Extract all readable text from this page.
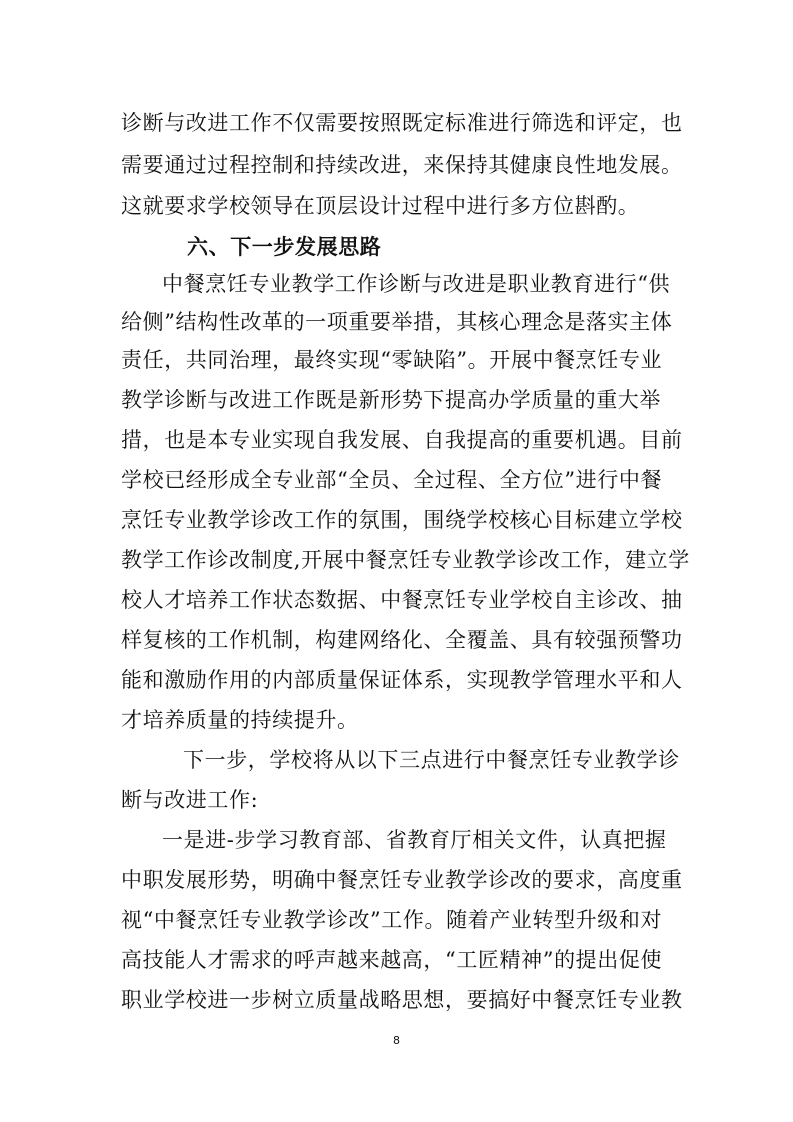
诊断与改进工作不仅需要按照既定标准进行筛选和评定，也
需要通过过程控制和持续改进，来保持其健康良性地发展。
这就要求学校领导在顶层设计过程中进行多方位斟酌。
六、下一步发展思路
中餐烹饪专业教学工作诊断与改进是职业教育进行“供
给侧”结构性改革的一项重要举措，其核心理念是落实主体
责任，共同治理，最终实现“零缺陷”。开展中餐烹饪专业
教学诊断与改进工作既是新形势下提高办学质量的重大举
措，也是本专业实现自我发展、自我提高的重要机遇。目前
学校已经形成全专业部“全员、全过程、全方位”进行中餐
烹饪专业教学诊改工作的氛围，围绕学校核心目标建立学校
教学工作诊改制度,开展中餐烹饪专业教学诊改工作，建立学
校人才培养工作状态数据、中餐烹饪专业学校自主诊改、抽
样复核的工作机制，构建网络化、全覆盖、具有较强预警功
能和激励作用的内部质量保证体系，实现教学管理水平和人
才培养质量的持续提升。
下一步，学校将从以下三点进行中餐烹饪专业教学诊
断与改进工作:
一是进-步学习教育部、省教育厅相关文件，认真把握
中职发展形势，明确中餐烹饪专业教学诊改的要求，高度重
视“中餐烹饪专业教学诊改”工作。随着产业转型升级和对
高技能人才需求的呼声越来越高，“工匠精神”的提出促使
职业学校进一步树立质量战略思想，要搞好中餐烹饪专业教
8
